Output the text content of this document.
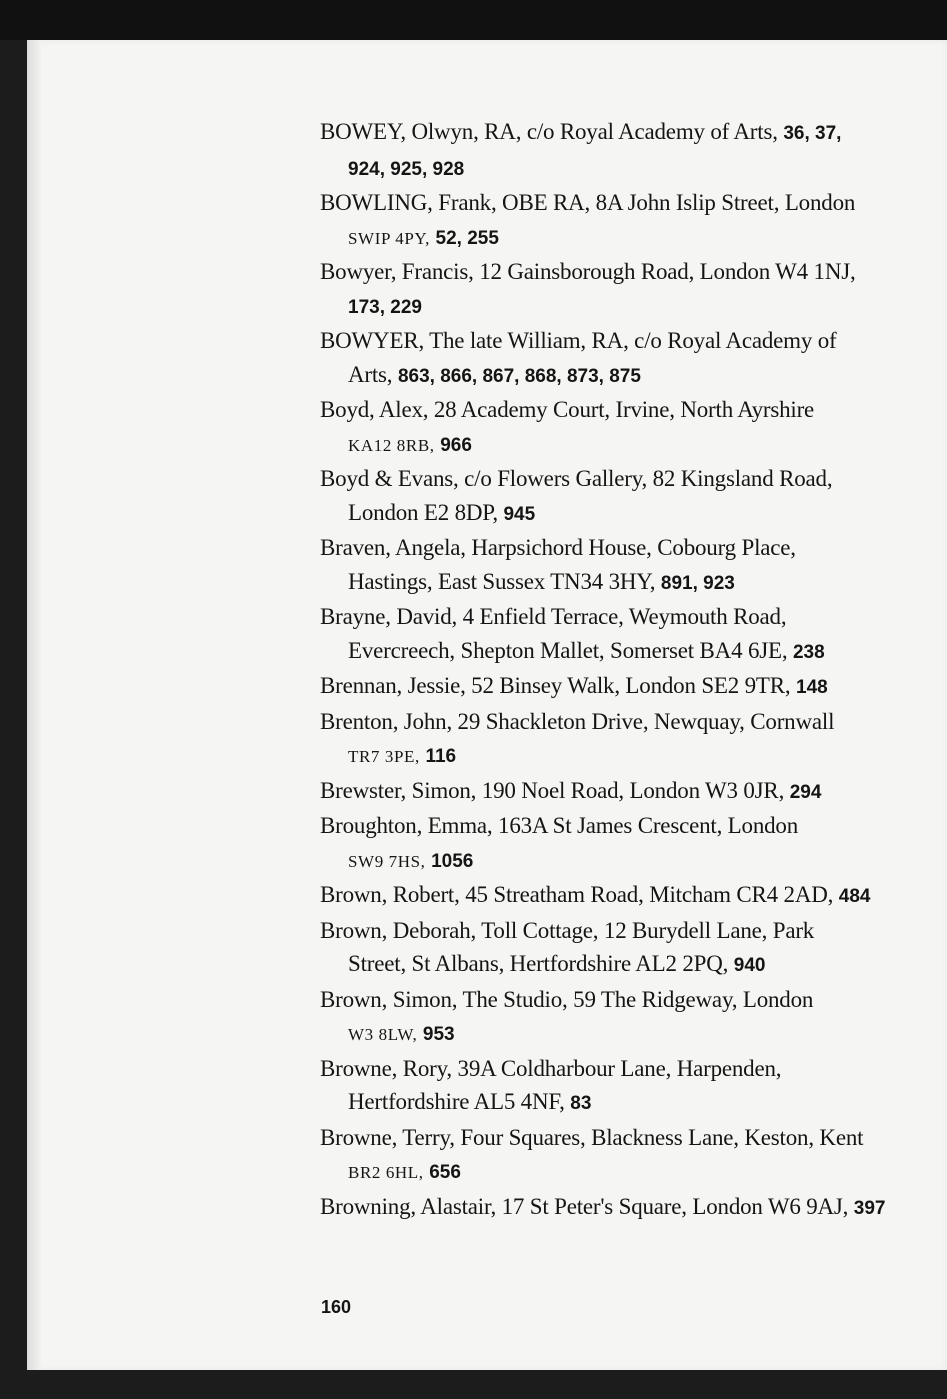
BOWEY, Olwyn, RA, c/o Royal Academy of Arts, 36, 37,
924, 925, 928
BOWLING, Frank, OBE RA, 8A John Islip Street, London
SWIP 4PY, 52, 255
Bowyer, Francis, 12 Gainsborough Road, London W4 1NJ,
173, 229
BOWYER, The late William, RA, c/o Royal Academy of
Arts, 863, 866, 867, 868, 873, 875
Boyd, Alex, 28 Academy Court, Irvine, North Ayrshire
KA12 8RB, 966
Boyd & Evans, c/o Flowers Gallery, 82 Kingsland Road,
London E2 8DP, 945
Braven, Angela, Harpsichord House, Cobourg Place,
Hastings, East Sussex TN34 3HY, 891, 923
Brayne, David, 4 Enfield Terrace, Weymouth Road,
Evercreech, Shepton Mallet, Somerset BA4 6JE, 238
Brennan, Jessie, 52 Binsey Walk, London SE2 9TR, 148
Brenton, John, 29 Shackleton Drive, Newquay, Cornwall
TR7 3PE, 116
Brewster, Simon, 190 Noel Road, London W3 0JR, 294
Broughton, Emma, 163A St James Crescent, London
SW9 7HS, 1056
Brown, Robert, 45 Streatham Road, Mitcham CR4 2AD, 484
Brown, Deborah, Toll Cottage, 12 Burydell Lane, Park
Street, St Albans, Hertfordshire AL2 2PQ, 940
Brown, Simon, The Studio, 59 The Ridgeway, London
W3 8LW, 953
Browne, Rory, 39A Coldharbour Lane, Harpenden,
Hertfordshire AL5 4NF, 83
Browne, Terry, Four Squares, Blackness Lane, Keston, Kent
BR2 6HL, 656
Browning, Alastair, 17 St Peter's Square, London W6 9AJ, 397
160
